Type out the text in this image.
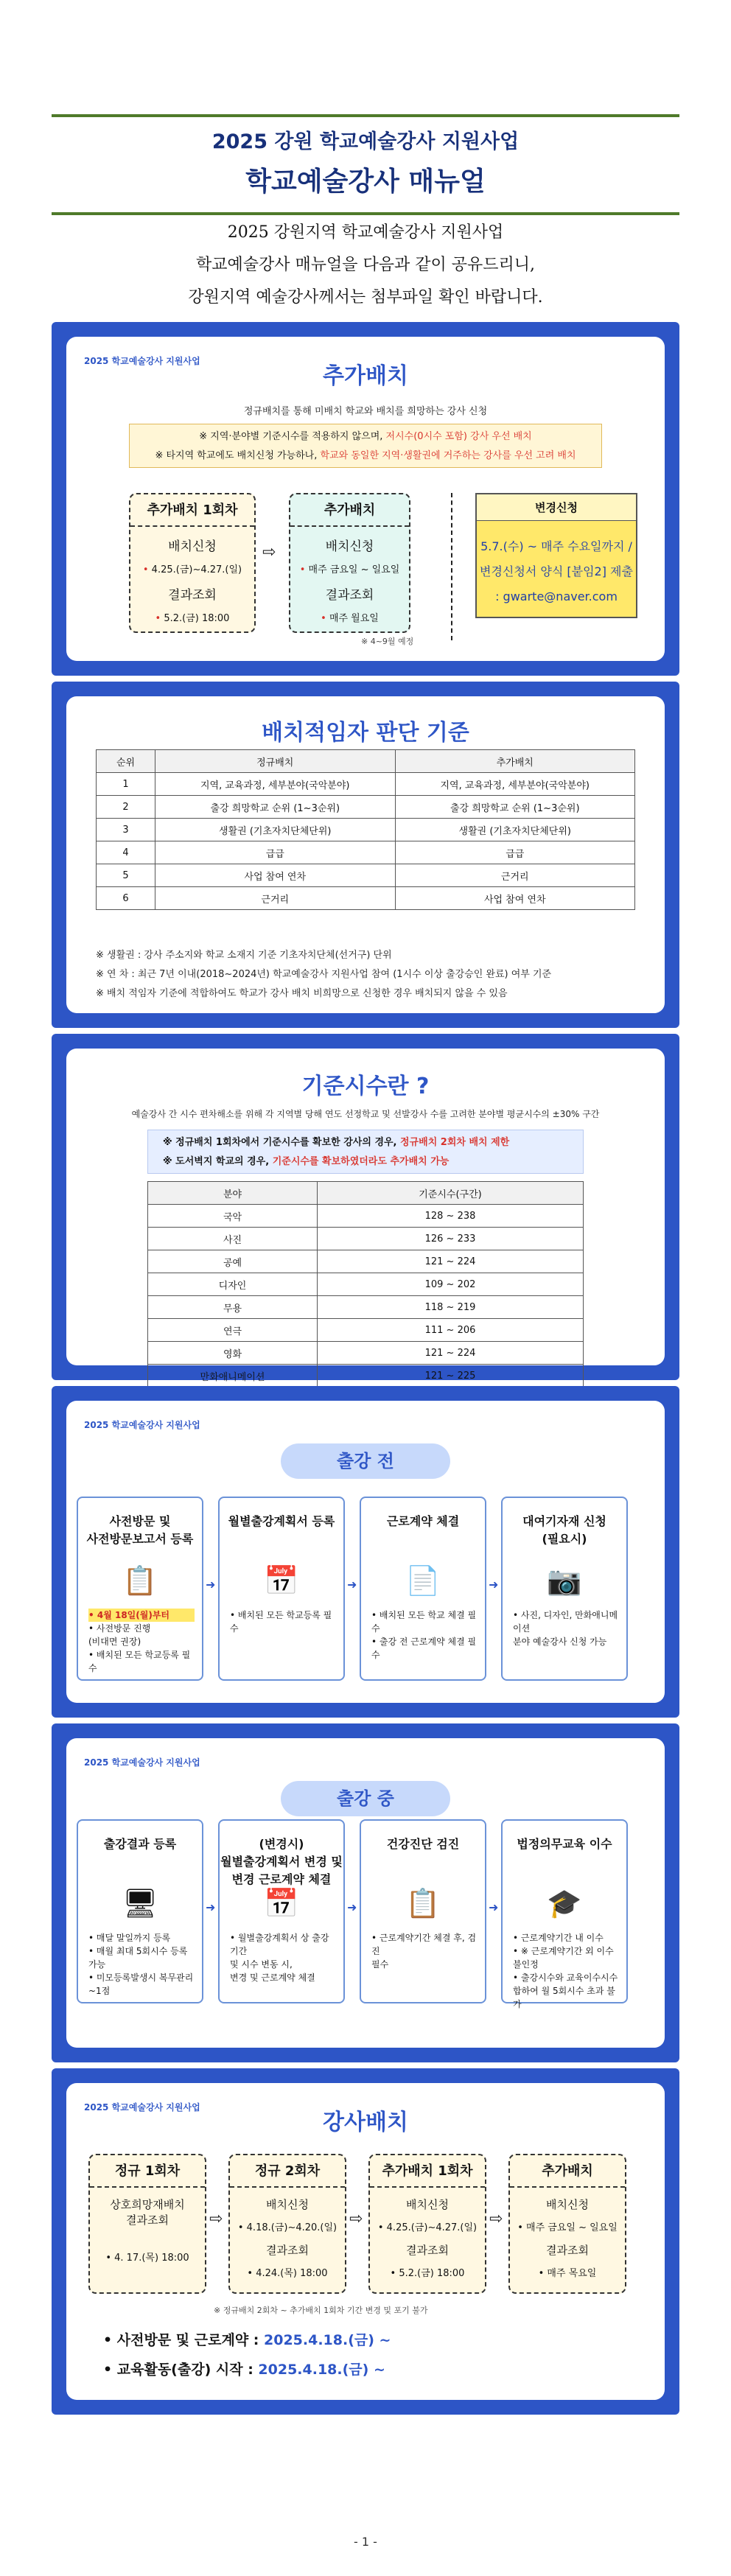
2025 강원 학교예술강사 지원사업
학교예술강사 매뉴얼
2025 강원지역 학교예술강사 지원사업
학교예술강사 매뉴얼을 다음과 같이 공유드리니,
강원지역 예술강사께서는 첨부파일 확인 바랍니다.
2025 학교예술강사 지원사업
추가배치
정규배치를 통해 미배치 학교와 배치를 희망하는 강사 신청
※ 지역·분야별 기준시수를 적용하지 않으며, 저시수(0시수 포함) 강사 우선 배치
※ 타지역 학교에도 배치신청 가능하나, 학교와 동일한 지역·생활권에 거주하는 강사를 우선 고려 배치
추가배치 1회차
배치신청
• 4.25.(금)~4.27.(일)
결과조회
• 5.2.(금) 18:00
⇨
추가배치
배치신청
• 매주 금요일 ~ 일요일
결과조회
• 매주 월요일
※ 4~9월 예정
변경신청
5.7.(수) ~ 매주 수요일까지 /
변경신청서 양식 [붙임2] 제출
: gwarte@naver.com
배치적임자 판단 기준
순위	정규배치	추가배치
1	지역, 교육과정, 세부분야(국악분야)	지역, 교육과정, 세부분야(국악분야)
2	출강 희망학교 순위 (1~3순위)	출강 희망학교 순위 (1~3순위)
3	생활권 (기초자치단체단위)	생활권 (기초자치단체단위)
4	급급	급급
5	사업 참여 연차	근거리
6	근거리	사업 참여 연차
※ 생활권 : 강사 주소지와 학교 소재지 기준 기초자치단체(선거구) 단위
※ 연 차 : 최근 7년 이내(2018~2024년) 학교예술강사 지원사업 참여 (1시수 이상 출강승인 완료) 여부 기준
※ 배치 적임자 기준에 적합하여도 학교가 강사 배치 비희망으로 신청한 경우 배치되지 않을 수 있음
기준시수란 ?
예술강사 간 시수 편차해소를 위해 각 지역별 당해 연도 선정학교 및 선발강사 수를 고려한 분야별 평균시수의 ±30% 구간
※ 정규배치 1회차에서 기준시수를 확보한 강사의 경우, 정규배치 2회차 배치 제한
※ 도서벽지 학교의 경우, 기준시수를 확보하였더라도 추가배치 가능
분야	기준시수(구간)
국악	128 ~ 238
사진	126 ~ 233
공예	121 ~ 224
디자인	109 ~ 202
무용	118 ~ 219
연극	111 ~ 206
영화	121 ~ 224
만화애니메이션	121 ~ 225
2025 학교예술강사 지원사업
출강 전
사전방문 및
사전방문보고서 등록
📋
• 4월 18일(월)부터
• 사전방문 진행
(비대면 권장)
• 배치된 모든 학교등록 필수
➜
월별출강계획서 등록
📅
• 배치된 모든 학교등록 필수
➜
근로계약 체결
📄
• 배치된 모든 학교 체결 필수
• 출강 전 근로계약 체결 필수
➜
대여기자재 신청
(필요시)
📷
• 사진, 디자인, 만화애니메이션
분야 예술강사 신청 가능
2025 학교예술강사 지원사업
출강 중
출강결과 등록
🖥
• 매달 말일까지 등록
• 매월 최대 5회시수 등록 가능
• 미모등록발생시 복무관리~1점
➜
(변경시)
월별출강계획서 변경 및
변경 근로계약 체결
📅
• 월별출강계획서 상 출강기간
및 시수 변동 시,
변경 및 근로계약 체결
➜
건강진단 검진
📋
• 근로계약기간 체결 후, 검진
필수
➜
법정의무교육 이수
🎓
• 근로계약기간 내 이수
• ※ 근로계약기간 외 이수 불인정
• 출강시수와 교육이수시수
합하여 월 5회시수 초과 불가
2025 학교예술강사 지원사업
강사배치
정규 1회차
상호희망재배치
결과조회
• 4. 17.(목) 18:00
⇨
정규 2회차
배치신청
• 4.18.(금)~4.20.(일)
결과조회
• 4.24.(목) 18:00
⇨
추가배치 1회차
배치신청
• 4.25.(금)~4.27.(일)
결과조회
• 5.2.(금) 18:00
⇨
추가배치
배치신청
• 매주 금요일 ~ 일요일
결과조회
• 매주 목요일
※ 정규배치 2회차 ~ 추가배치 1회차 기간 변경 및 포기 불가
• 사전방문 및 근로계약 : 2025.4.18.(금) ~
• 교육활동(출강) 시작 : 2025.4.18.(금) ~
- 1 -
